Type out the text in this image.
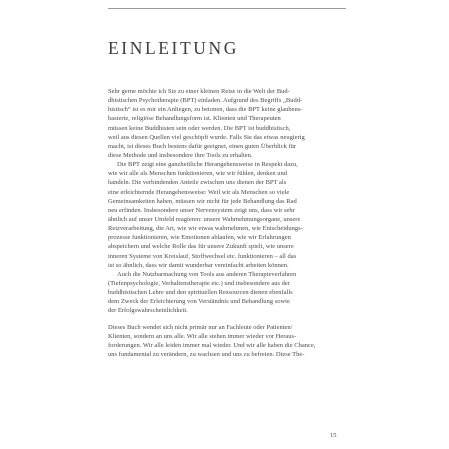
EINLEITUNG
Sehr gerne möchte ich Sie zu einer kleinen Reise in die Welt der Bud-
dhistischen Psychotherapie (BPT) einladen. Aufgrund des Begriffs „Budd-
histisch“ ist es mir ein Anliegen, zu betonen, dass die BPT keine glaubens-
basierte, religiöse Behandlungsform ist. Klienten und Therapeuten
müssen keine Buddhisten sein oder werden. Die BPT ist buddhistisch,
weil aus diesen Quellen viel geschöpft wurde. Falls Sie das etwas neugierig
macht, ist dieses Buch bestens dafür geeignet, einen guten Überblick für
diese Methode und insbesondere ihre Tools zu erhalten.
Die BPT zeigt eine ganzheitliche Herangehensweise in Respekt dazu,
wie wir alle als Menschen funktionieren, wie wir fühlen, denken und
handeln. Die verbindenden Anteile zwischen uns dienen der BPT als
eine erleichternde Herangehensweise: Weil wir als Menschen so viele
Gemeinsamkeiten haben, müssen wir nicht für jede Behandlung das Rad
neu erfinden. Insbesondere unser Nervensystem zeigt uns, dass wir sehr
ähnlich auf unser Umfeld reagieren: unsere Wahrnehmungsorgane, unsere
Reizverarbeitung, die Art, wie wir etwas wahrnehmen, wie Entscheidungs-
prozesse funktionieren, wie Emotionen ablaufen, wie wir Erfahrungen
abspeichern und welche Rolle das für unsere Zukunft spielt, wie unsere
inneren Systeme von Kreislauf, Stoffwechsel etc. funktionieren – all das
ist so ähnlich, dass wir damit wunderbar vereinfacht arbeiten können.
Auch die Nutzbarmachung von Tools aus anderen Therapieverfahren
(Tiefenpsychologie, Verhaltenstherapie etc.) und insbesondere aus der
buddhistischen Lehre und den spirituellen Ressourcen dienen ebenfalls
dem Zweck der Erleichterung von Verständnis und Behandlung sowie
der Erfolgswahrscheinlichkeit.
Dieses Buch wendet sich nicht primär nur an Fachleute oder Patienten/
Klienten, sondern an uns alle. Wir alle stehen immer wieder vor Heraus-
forderungen. Wir alle leiden immer mal wieder. Und wir alle haben die Chance,
uns fundamental zu verändern, zu wachsen und uns zu befreien. Diese The-
15
